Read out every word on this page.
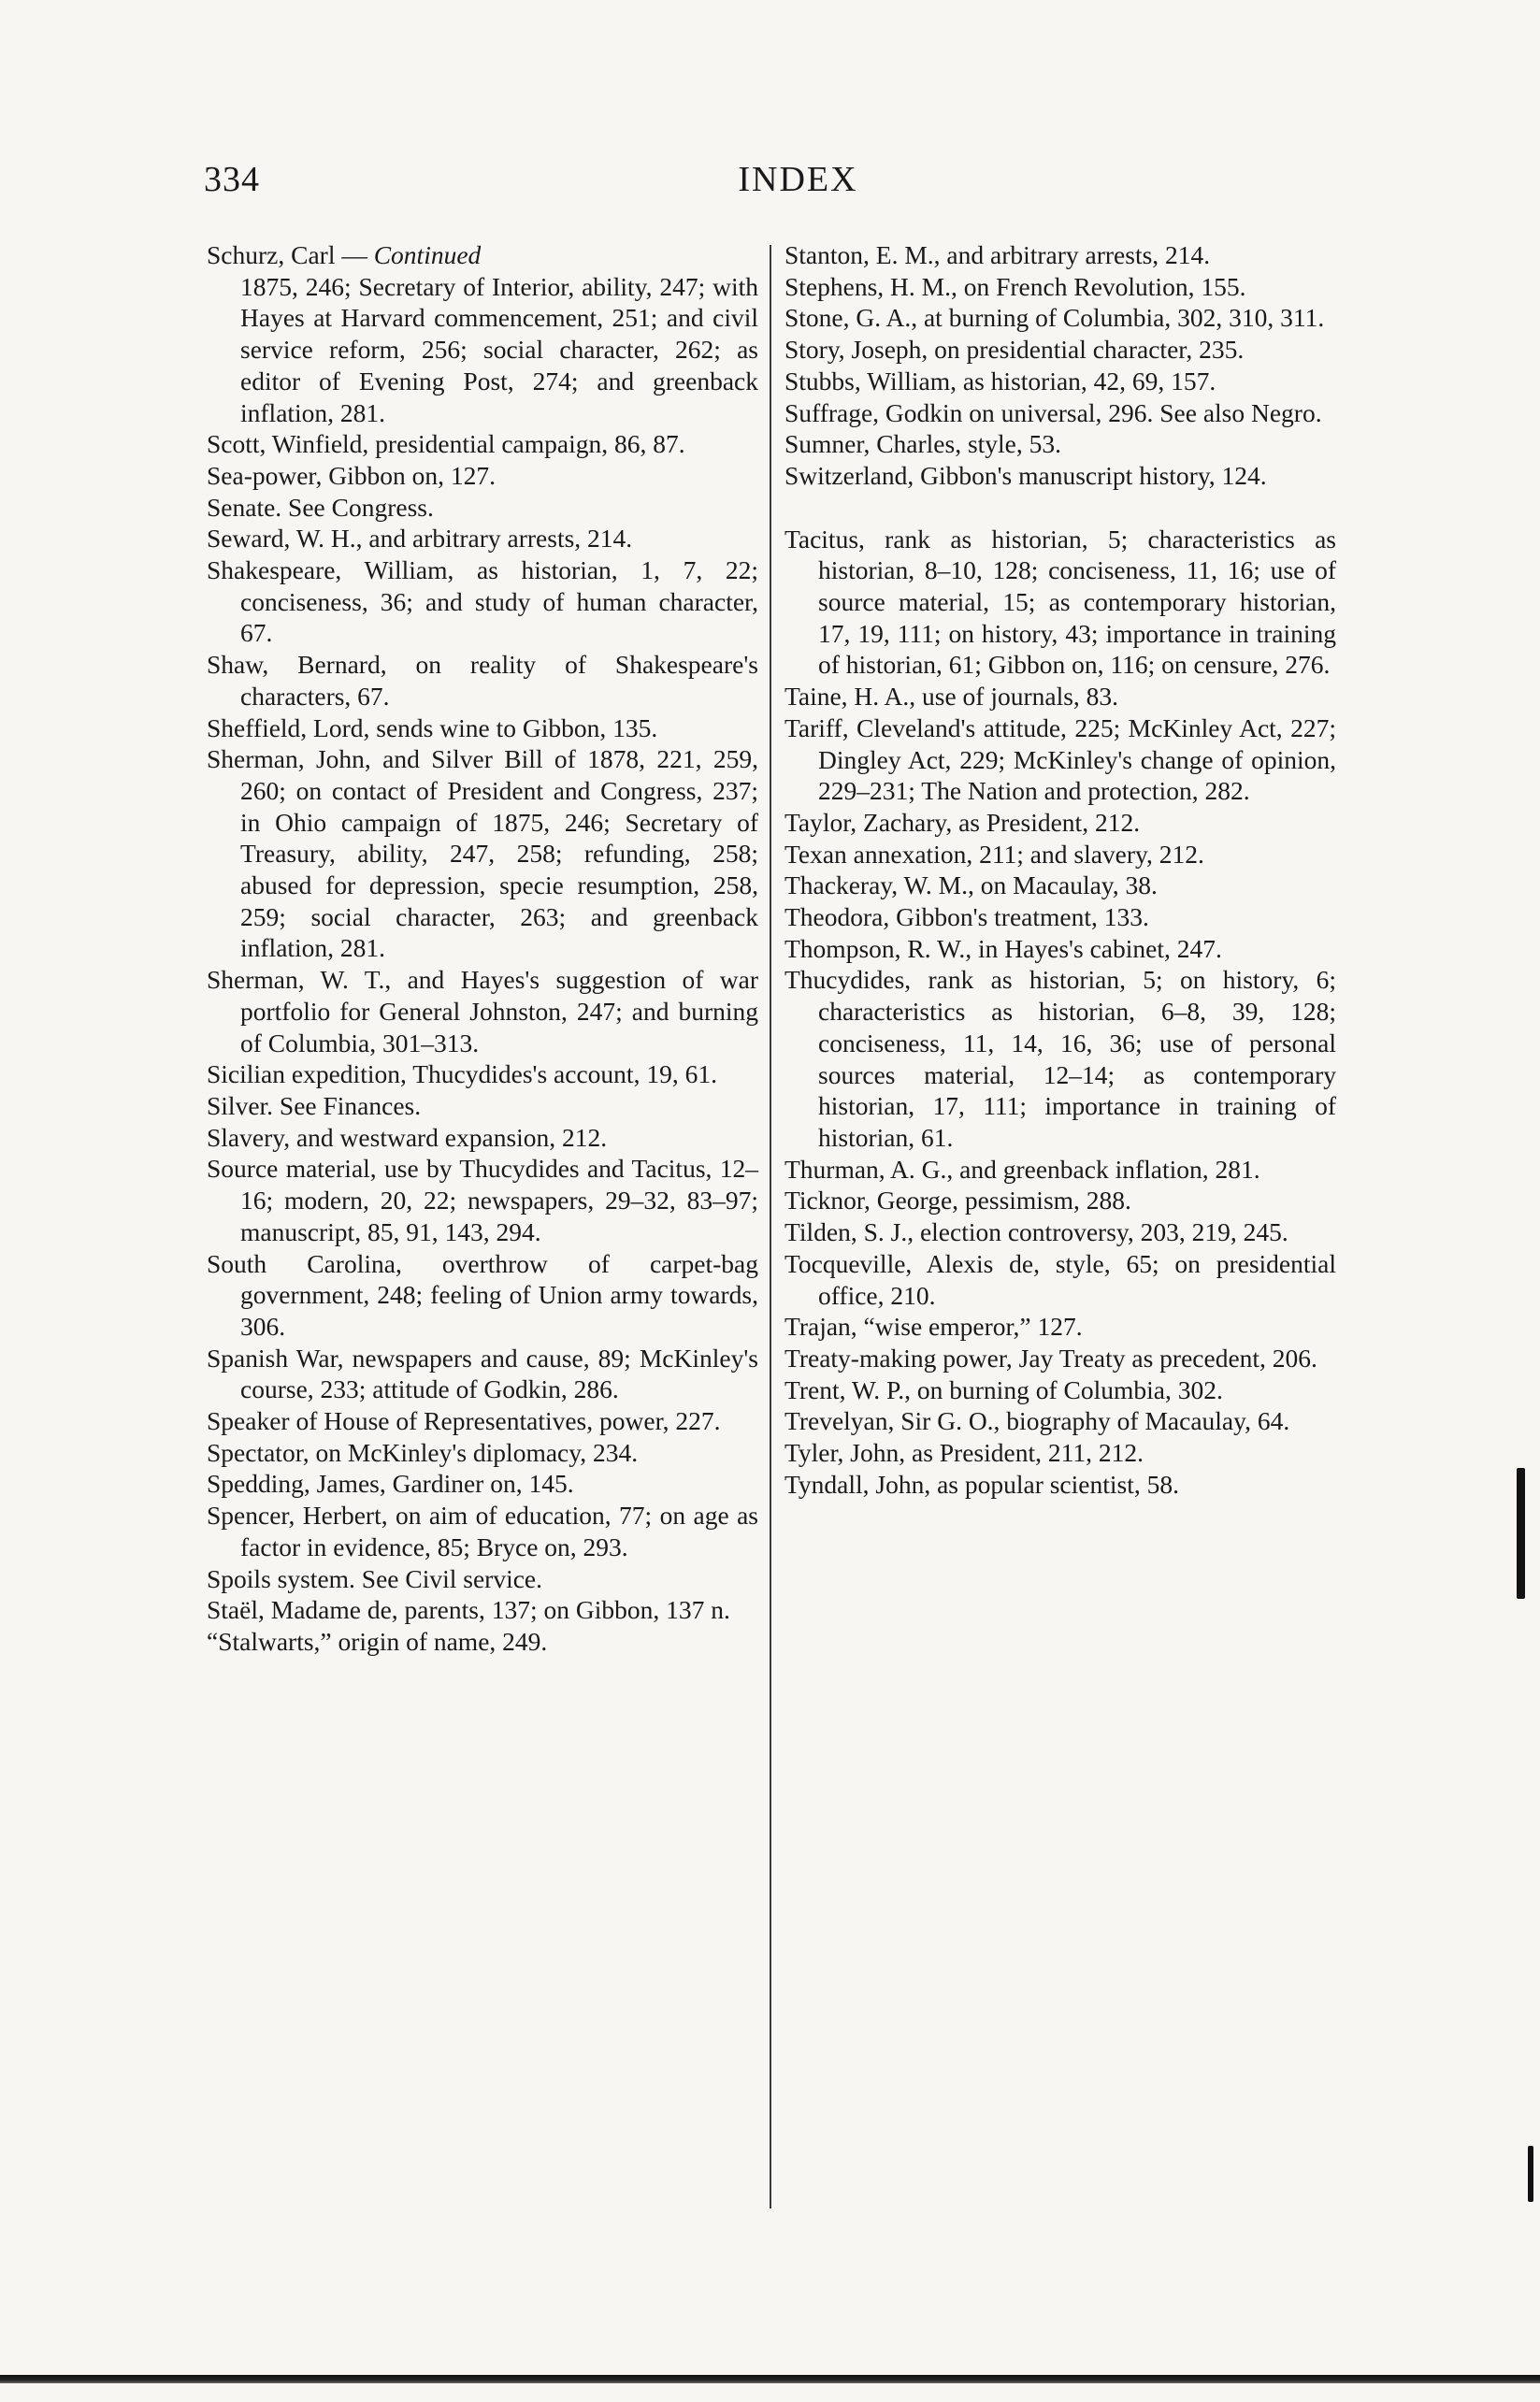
334	INDEX

Schurz, Carl — Continued
1875, 246; Secretary of Interior, ability, 247; with Hayes at Harvard commencement, 251; and civil service reform, 256; social character, 262; as editor of Evening Post, 274; and greenback inflation, 281.

Scott, Winfield, presidential campaign, 86, 87.

Sea-power, Gibbon on, 127.

Senate. See Congress.

Seward, W. H., and arbitrary arrests, 214.

Shakespeare, William, as historian, 1, 7, 22; conciseness, 36; and study of human character, 67.

Shaw, Bernard, on reality of Shakespeare's characters, 67.

Sheffield, Lord, sends wine to Gibbon, 135.

Sherman, John, and Silver Bill of 1878, 221, 259, 260; on contact of President and Congress, 237; in Ohio campaign of 1875, 246; Secretary of Treasury, ability, 247, 258; refunding, 258; abused for depression, specie resumption, 258, 259; social character, 263; and greenback inflation, 281.

Sherman, W. T., and Hayes's suggestion of war portfolio for General Johnston, 247; and burning of Columbia, 301–313.

Sicilian expedition, Thucydides's account, 19, 61.

Silver. See Finances.

Slavery, and westward expansion, 212.

Source material, use by Thucydides and Tacitus, 12–16; modern, 20, 22; newspapers, 29–32, 83–97; manuscript, 85, 91, 143, 294.

South Carolina, overthrow of carpet-bag government, 248; feeling of Union army towards, 306.

Spanish War, newspapers and cause, 89; McKinley's course, 233; attitude of Godkin, 286.

Speaker of House of Representatives, power, 227.

Spectator, on McKinley's diplomacy, 234.

Spedding, James, Gardiner on, 145.

Spencer, Herbert, on aim of education, 77; on age as factor in evidence, 85; Bryce on, 293.

Spoils system. See Civil service.

Staël, Madame de, parents, 137; on Gibbon, 137 n.

“Stalwarts,” origin of name, 249.

Stanton, E. M., and arbitrary arrests, 214.

Stephens, H. M., on French Revolution, 155.

Stone, G. A., at burning of Columbia, 302, 310, 311.

Story, Joseph, on presidential character, 235.

Stubbs, William, as historian, 42, 69, 157.

Suffrage, Godkin on universal, 296. See also Negro.

Sumner, Charles, style, 53.

Switzerland, Gibbon's manuscript history, 124.

Tacitus, rank as historian, 5; characteristics as historian, 8–10, 128; conciseness, 11, 16; use of source material, 15; as contemporary historian, 17, 19, 111; on history, 43; importance in training of historian, 61; Gibbon on, 116; on censure, 276.

Taine, H. A., use of journals, 83.

Tariff, Cleveland's attitude, 225; McKinley Act, 227; Dingley Act, 229; McKinley's change of opinion, 229–231; The Nation and protection, 282.

Taylor, Zachary, as President, 212.

Texan annexation, 211; and slavery, 212.

Thackeray, W. M., on Macaulay, 38.

Theodora, Gibbon's treatment, 133.

Thompson, R. W., in Hayes's cabinet, 247.

Thucydides, rank as historian, 5; on history, 6; characteristics as historian, 6–8, 39, 128; conciseness, 11, 14, 16, 36; use of personal sources material, 12–14; as contemporary historian, 17, 111; importance in training of historian, 61.

Thurman, A. G., and greenback inflation, 281.

Ticknor, George, pessimism, 288.

Tilden, S. J., election controversy, 203, 219, 245.

Tocqueville, Alexis de, style, 65; on presidential office, 210.

Trajan, “wise emperor,” 127.

Treaty-making power, Jay Treaty as precedent, 206.

Trent, W. P., on burning of Columbia, 302.

Trevelyan, Sir G. O., biography of Macaulay, 64.

Tyler, John, as President, 211, 212.

Tyndall, John, as popular scientist, 58.
